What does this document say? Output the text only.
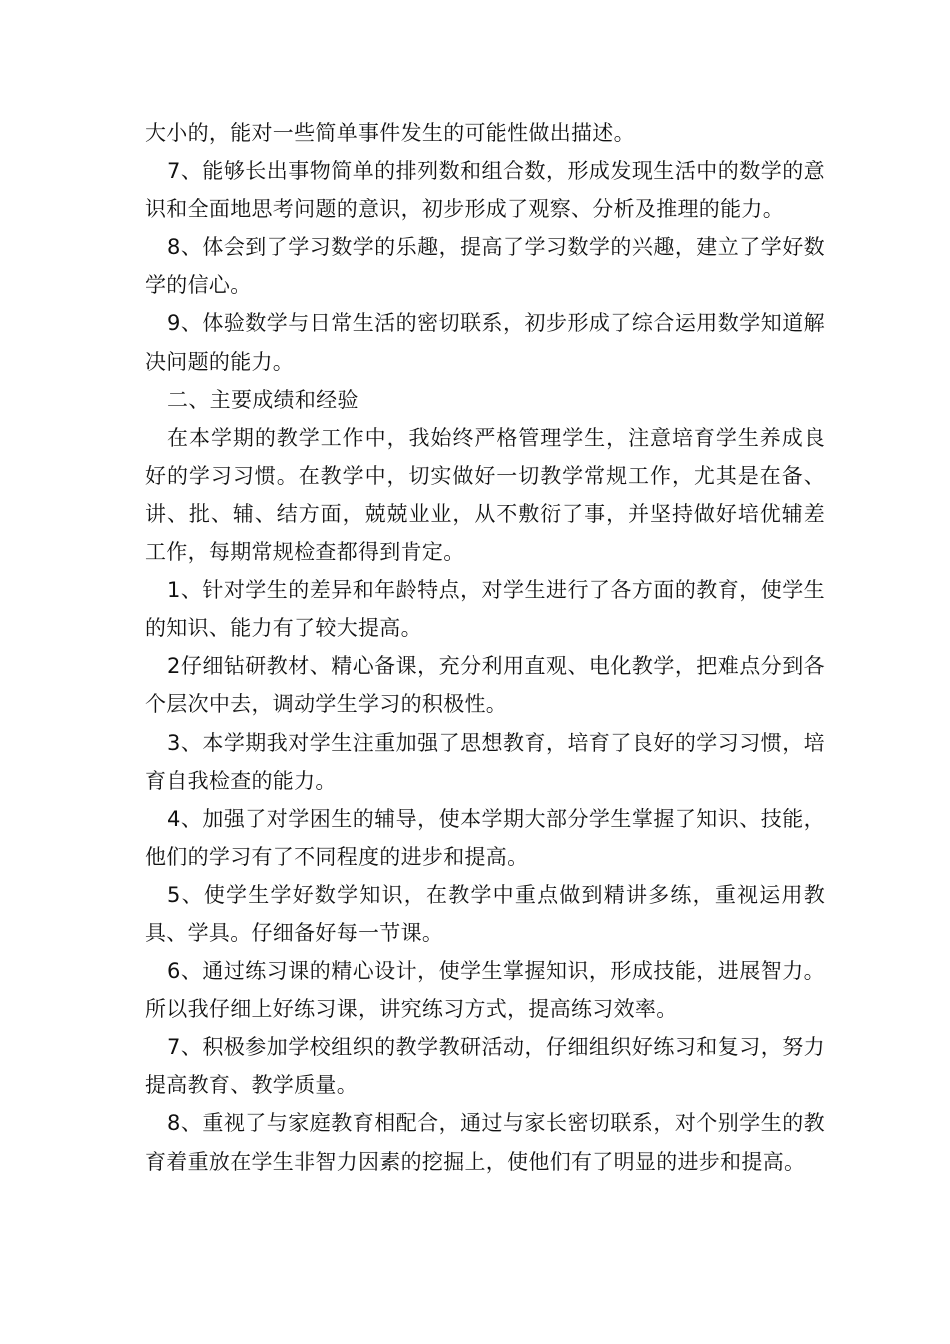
大小的，能对一些简单事件发生的可能性做出描述。

7、能够长出事物简单的排列数和组合数，形成发现生活中的数学的意识和全面地思考问题的意识，初步形成了观察、分析及推理的能力。

8、体会到了学习数学的乐趣，提高了学习数学的兴趣，建立了学好数学的信心。

9、体验数学与日常生活的密切联系，初步形成了综合运用数学知道解决问题的能力。

二、主要成绩和经验

在本学期的教学工作中，我始终严格管理学生，注意培育学生养成良好的学习习惯。在教学中，切实做好一切教学常规工作，尤其是在备、讲、批、辅、结方面，兢兢业业，从不敷衍了事，并坚持做好培优辅差工作，每期常规检查都得到肯定。

1、针对学生的差异和年龄特点，对学生进行了各方面的教育，使学生的知识、能力有了较大提高。

2仔细钻研教材、精心备课，充分利用直观、电化教学，把难点分到各个层次中去，调动学生学习的积极性。

3、本学期我对学生注重加强了思想教育，培育了良好的学习习惯，培育自我检查的能力。

4、加强了对学困生的辅导，使本学期大部分学生掌握了知识、技能，他们的学习有了不同程度的进步和提高。

5、使学生学好数学知识，在教学中重点做到精讲多练，重视运用教具、学具。仔细备好每一节课。

6、通过练习课的精心设计，使学生掌握知识，形成技能，进展智力。所以我仔细上好练习课，讲究练习方式，提高练习效率。

7、积极参加学校组织的教学教研活动，仔细组织好练习和复习，努力提高教育、教学质量。

8、重视了与家庭教育相配合，通过与家长密切联系，对个别学生的教育着重放在学生非智力因素的挖掘上，使他们有了明显的进步和提高。
